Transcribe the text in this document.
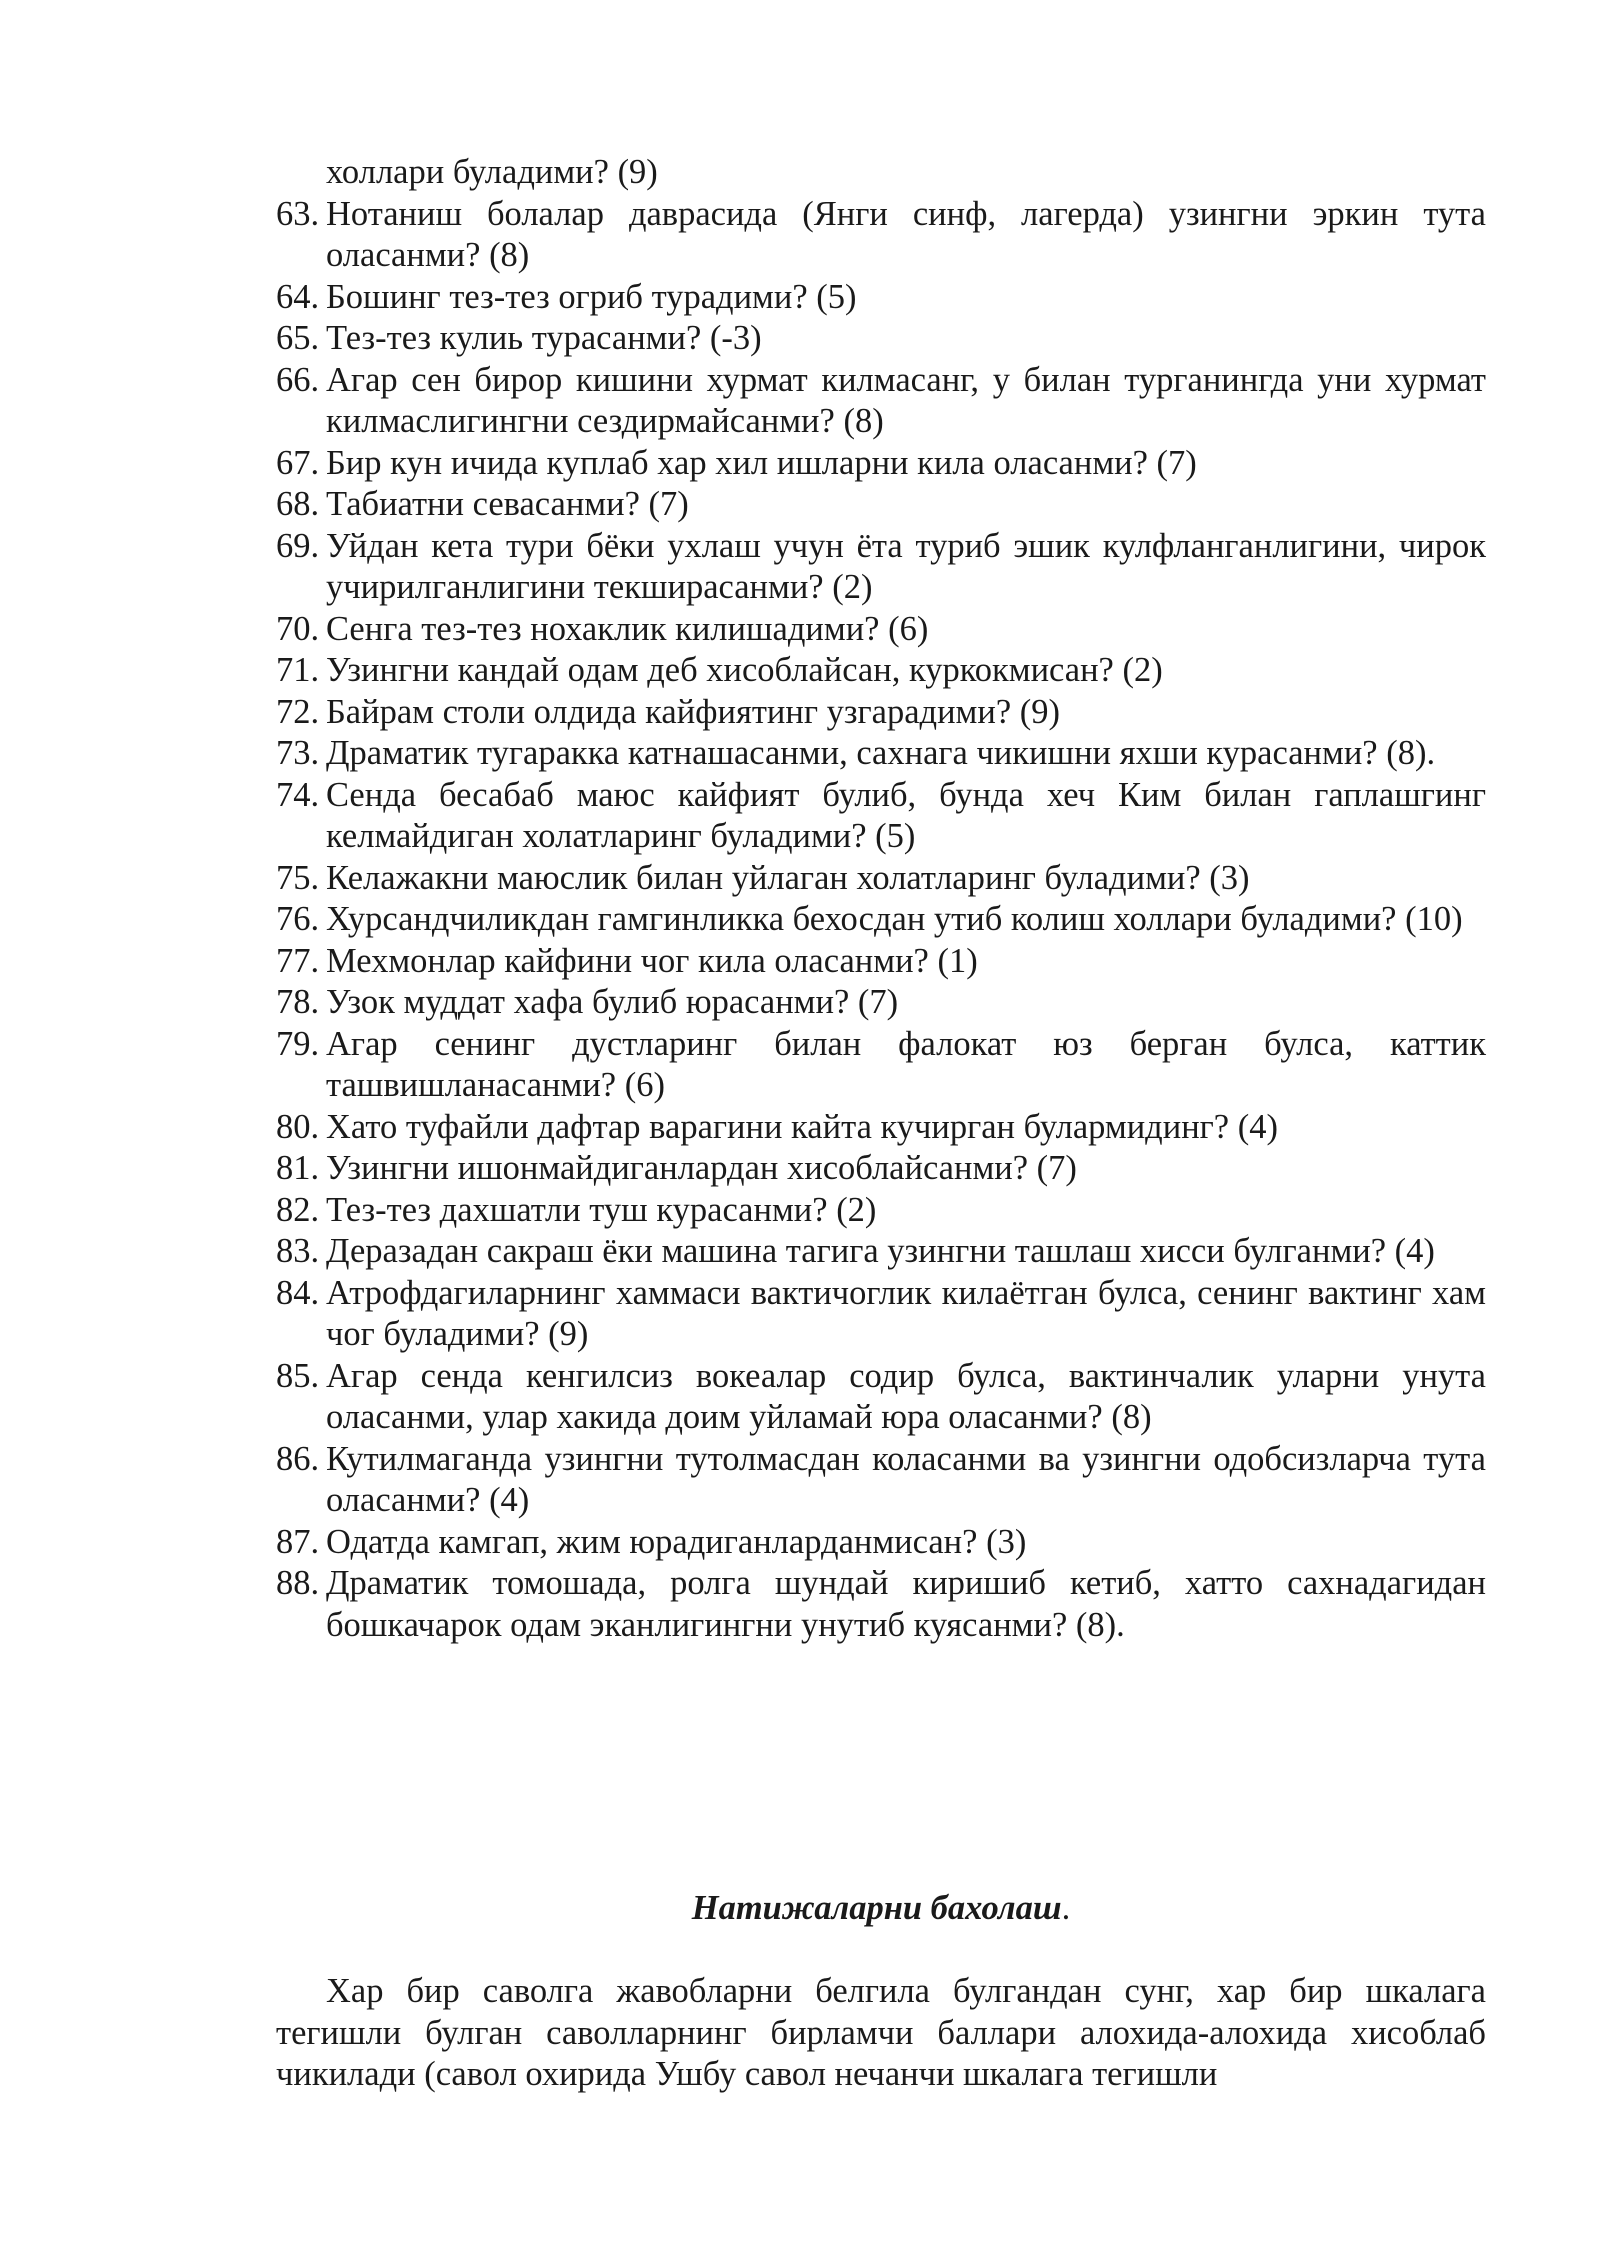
холлари буладими? (9)
63. Нотаниш болалар даврасида (Янги синф, лагерда) узингни эркин тута оласанми? (8)
64. Бошинг тез-тез огриб турадими? (5)
65. Тез-тез кулиь турасанми? (-3)
66. Агар сен бирор кишини хурмат килмасанг, у билан турганингда уни хурмат килмаслигингни сездирмайсанми? (8)
67. Бир кун ичида куплаб хар хил ишларни кила оласанми? (7)
68. Табиатни севасанми? (7)
69. Уйдан кета тури бёки ухлаш учун ёта туриб эшик кулфланганлигини, чирок учирилганлигини текширасанми? (2)
70. Сенга тез-тез нохаклик килишадими? (6)
71. Узингни кандай одам деб хисоблайсан, куркокмисан? (2)
72. Байрам столи олдида кайфиятинг узгарадими? (9)
73. Драматик тугаракка катнашасанми, сахнага чикишни яхши курасанми? (8).
74. Сенда бесабаб маюс кайфият булиб, бунда хеч Ким билан гаплашгинг келмайдиган холатларинг буладими? (5)
75. Келажакни маюслик билан уйлаган холатларинг буладими? (3)
76. Хурсандчиликдан гамгинликка бехосдан утиб колиш холлари буладими? (10)
77. Мехмонлар кайфини чог кила оласанми? (1)
78. Узок муддат хафа булиб юрасанми? (7)
79. Агар сенинг дустларинг билан фалокат юз берган булса, каттик ташвишланасанми? (6)
80. Хато туфайли дафтар варагини кайта кучирган булармидинг? (4)
81. Узингни ишонмайдиганлардан хисоблайсанми? (7)
82. Тез-тез дахшатли туш курасанми? (2)
83. Деразадан сакраш ёки машина тагига узингни ташлаш хисси булганми? (4)
84. Атрофдагиларнинг хаммаси вактичоглик килаётган булса, сенинг вактинг хам чог буладими? (9)
85. Агар сенда кенгилсиз вокеалар содир булса, вактинчалик уларни унута оласанми, улар хакида доим уйламай юра оласанми? (8)
86. Кутилмаганда узингни тутолмасдан коласанми ва узингни одобсизларча тута оласанми? (4)
87. Одатда камгап, жим юрадиганларданмисан? (3)
88. Драматик томошада, ролга шундай киришиб кетиб, хатто сахнадагидан бошкачарок одам эканлигингни унутиб куясанми? (8).
Натижаларни бахолаш.
Хар бир саволга жавобларни белгила булгандан сунг, хар бир шкалага тегишли булган саволларнинг бирламчи баллари алохида-алохида хисоблаб чикилади (савол охирида Ушбу савол нечанчи шкалага тегишли
